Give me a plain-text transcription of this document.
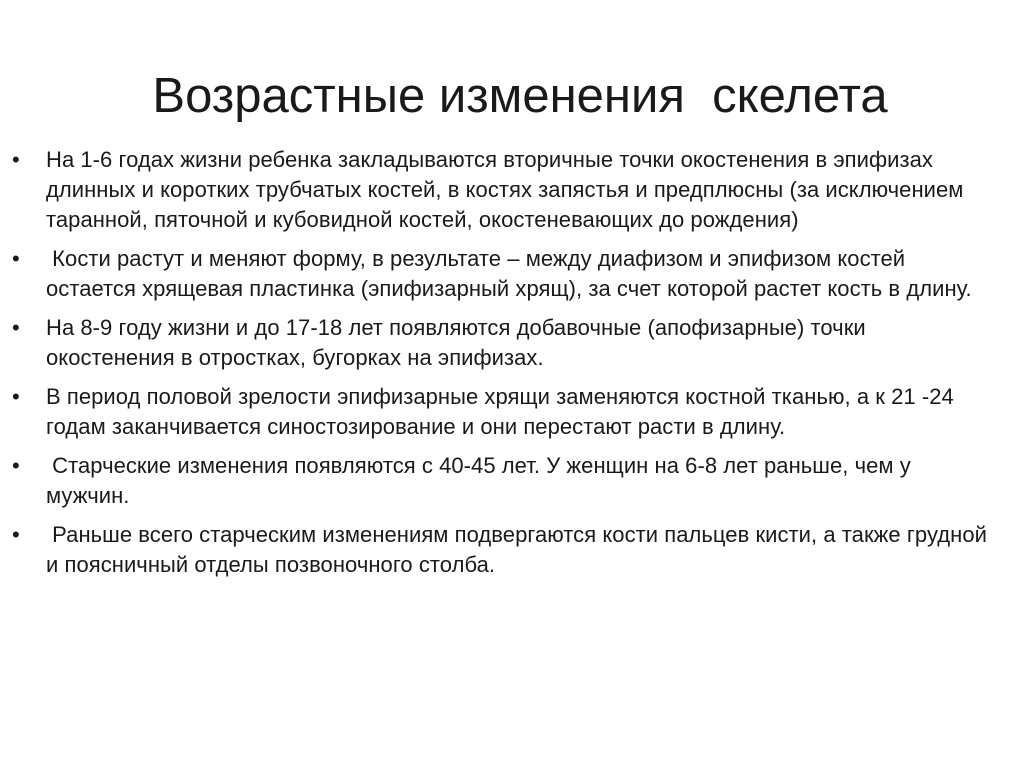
Возрастные изменения  скелета
•	На 1-6 годах жизни ребенка закладываются вторичные точки окостенения в эпифизах длинных и коротких трубчатых костей, в костях запястья и предплюсны (за исключением таранной, пяточной и кубовидной костей, окостеневающих до рождения)
•	Кости растут и меняют форму, в результате – между диафизом и эпифизом костей остается хрящевая пластинка (эпифизарный хрящ), за счет которой растет кость в длину.
•	На 8-9 году жизни и до 17-18 лет появляются добавочные (апофизарные) точки окостенения в отростках, бугорках на эпифизах.
•	В период половой зрелости эпифизарные хрящи заменяются костной тканью, а к 21 -24 годам заканчивается синостозирование и они перестают расти в длину.
•	Старческие изменения появляются с 40-45 лет. У женщин на 6-8 лет раньше, чем у мужчин.
•	Раньше всего старческим изменениям подвергаются кости пальцев кисти, а также грудной и поясничный отделы позвоночного столба.
